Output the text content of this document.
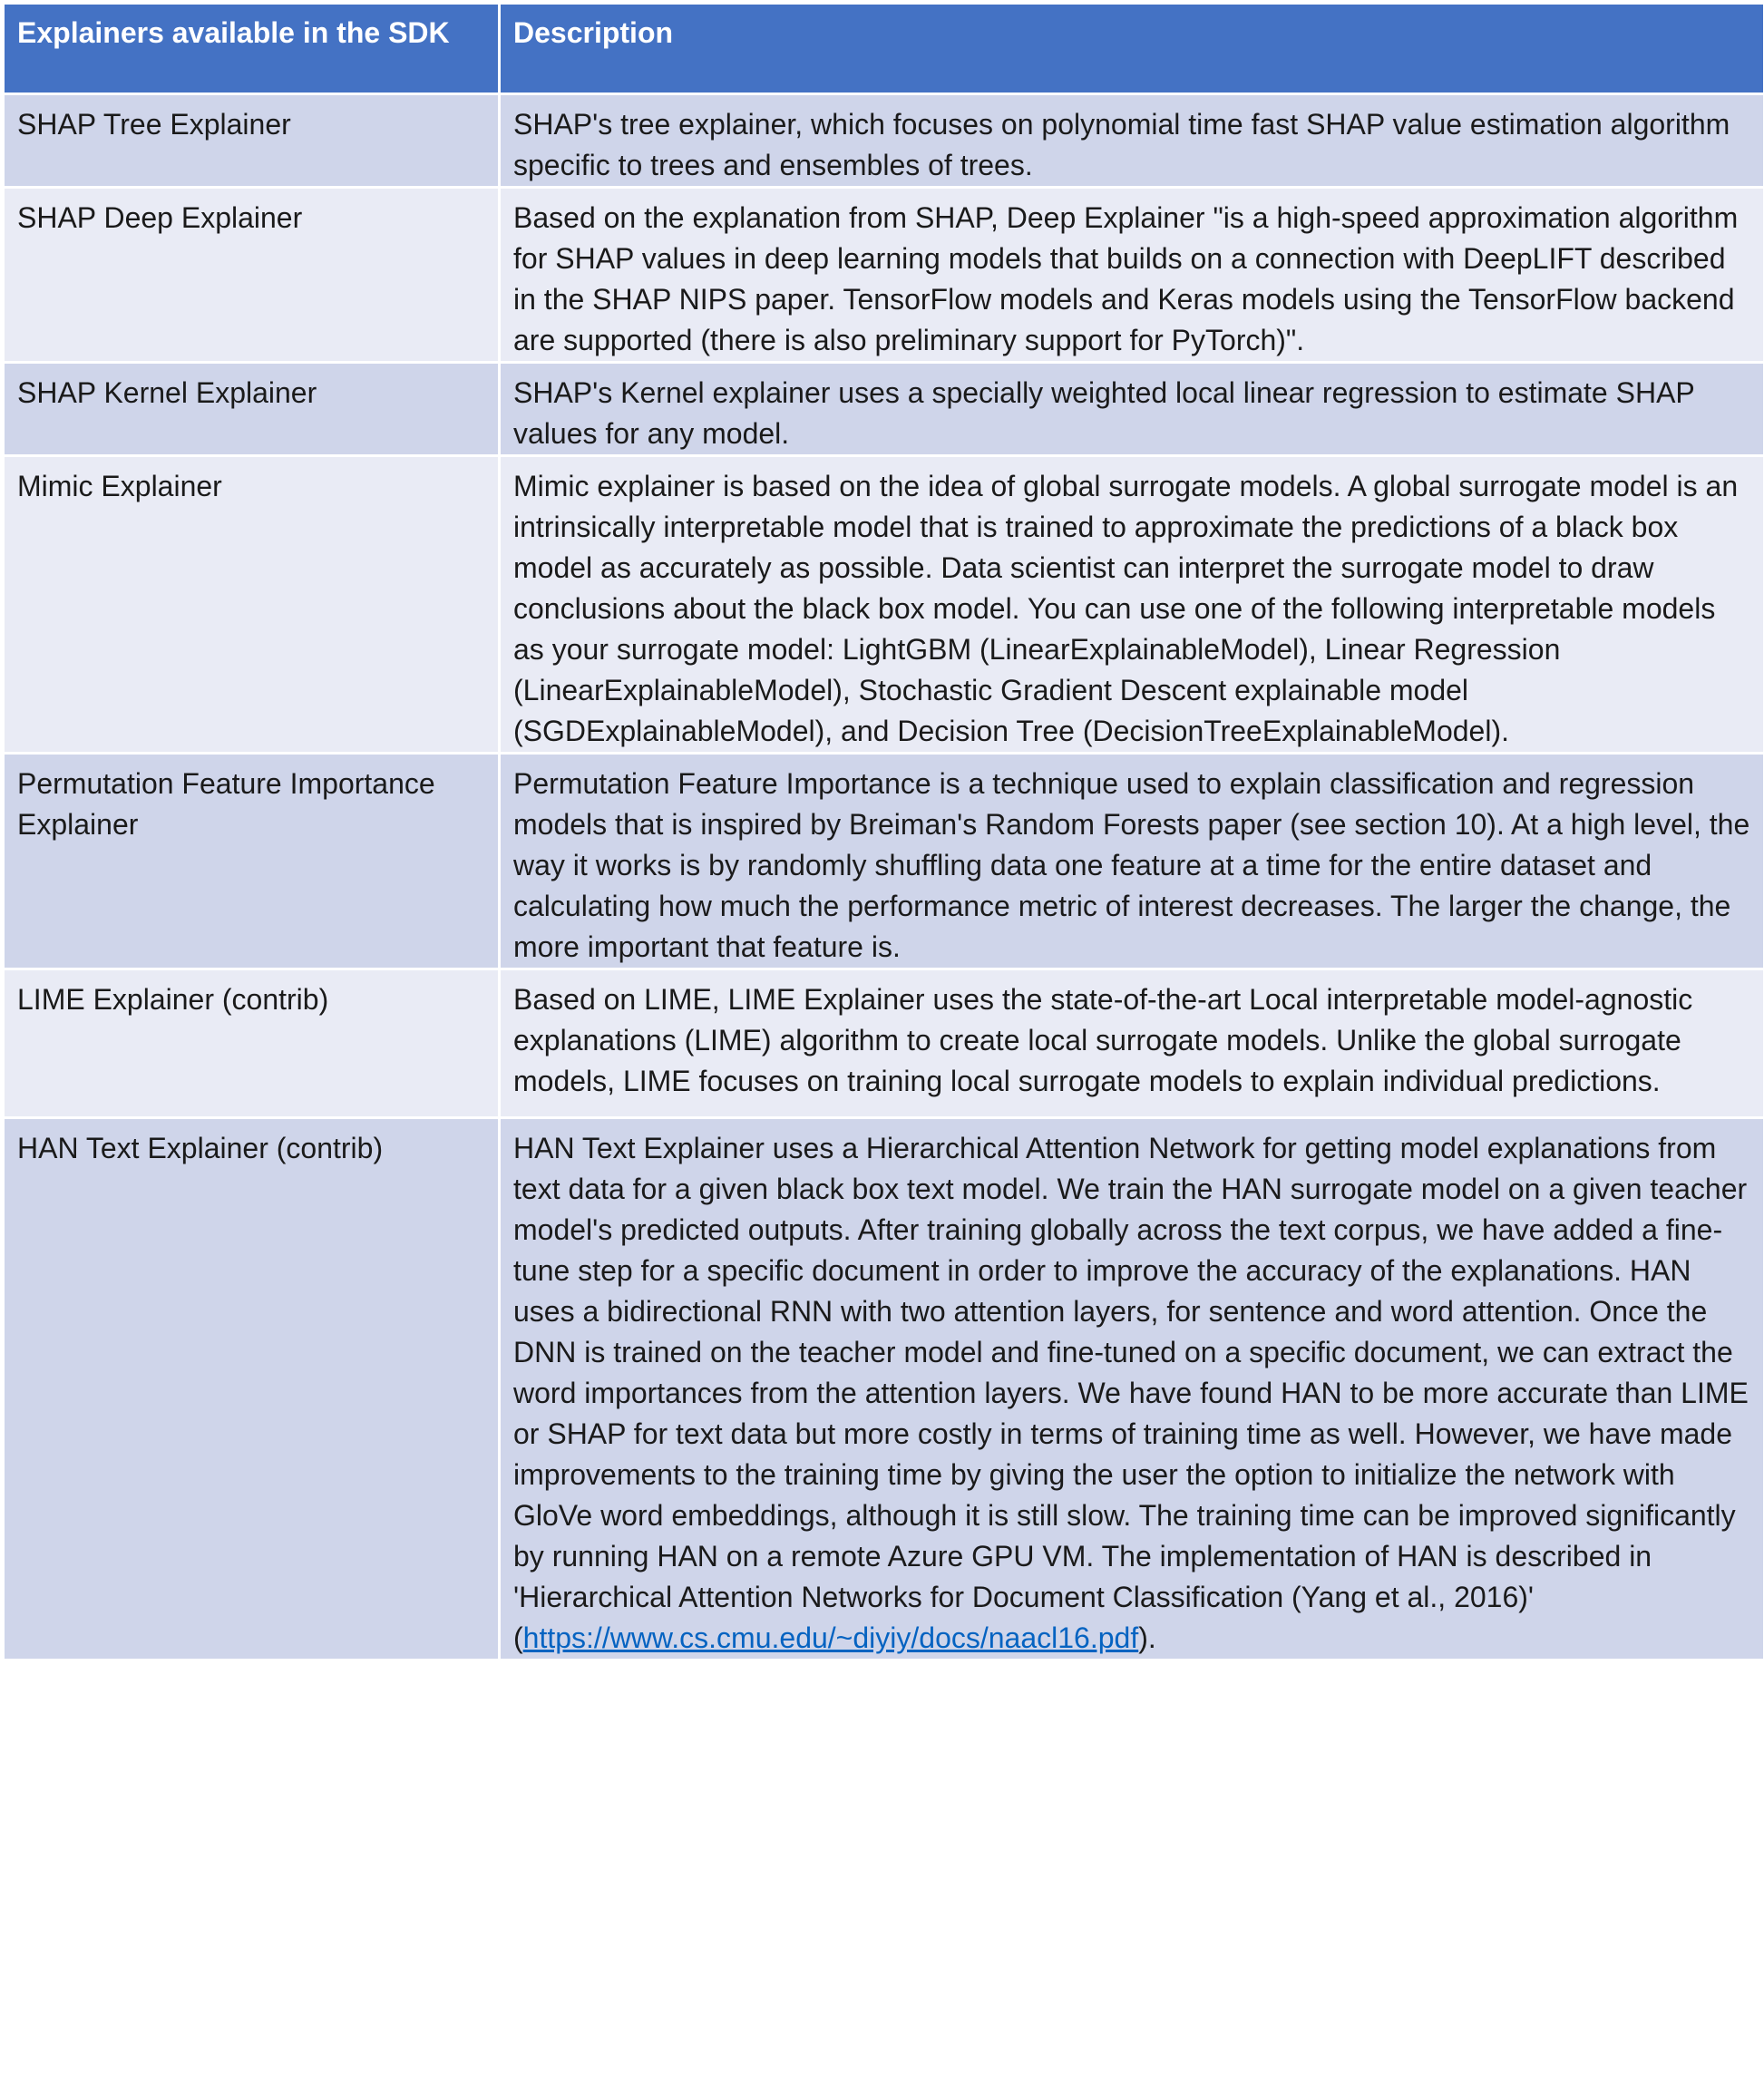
Explainers available in the SDK	Description
SHAP Tree Explainer	SHAP's tree explainer, which focuses on polynomial time fast SHAP value estimation algorithm specific to trees and ensembles of trees.
SHAP Deep Explainer	Based on the explanation from SHAP, Deep Explainer "is a high-speed approximation algorithm for SHAP values in deep learning models that builds on a connection with DeepLIFT described in the SHAP NIPS paper. TensorFlow models and Keras models using the TensorFlow backend are supported (there is also preliminary support for PyTorch)".
SHAP Kernel Explainer	SHAP's Kernel explainer uses a specially weighted local linear regression to estimate SHAP values for any model.
Mimic Explainer	Mimic explainer is based on the idea of global surrogate models. A global surrogate model is an intrinsically interpretable model that is trained to approximate the predictions of a black box model as accurately as possible. Data scientist can interpret the surrogate model to draw conclusions about the black box model. You can use one of the following interpretable models as your surrogate model: LightGBM (LinearExplainableModel), Linear Regression (LinearExplainableModel), Stochastic Gradient Descent explainable model (SGDExplainableModel), and Decision Tree (DecisionTreeExplainableModel).
Permutation Feature Importance Explainer	Permutation Feature Importance is a technique used to explain classification and regression models that is inspired by Breiman's Random Forests paper (see section 10). At a high level, the way it works is by randomly shuffling data one feature at a time for the entire dataset and calculating how much the performance metric of interest decreases. The larger the change, the more important that feature is.
LIME Explainer (contrib)	Based on LIME, LIME Explainer uses the state-of-the-art Local interpretable model-agnostic explanations (LIME) algorithm to create local surrogate models. Unlike the global surrogate models, LIME focuses on training local surrogate models to explain individual predictions.
HAN Text Explainer (contrib)	HAN Text Explainer uses a Hierarchical Attention Network for getting model explanations from text data for a given black box text model. We train the HAN surrogate model on a given teacher model's predicted outputs. After training globally across the text corpus, we have added a fine-tune step for a specific document in order to improve the accuracy of the explanations. HAN uses a bidirectional RNN with two attention layers, for sentence and word attention. Once the DNN is trained on the teacher model and fine-tuned on a specific document, we can extract the word importances from the attention layers. We have found HAN to be more accurate than LIME or SHAP for text data but more costly in terms of training time as well. However, we have made improvements to the training time by giving the user the option to initialize the network with GloVe word embeddings, although it is still slow. The training time can be improved significantly by running HAN on a remote Azure GPU VM. The implementation of HAN is described in 'Hierarchical Attention Networks for Document Classification (Yang et al., 2016)' (https://www.cs.cmu.edu/~diyiy/docs/naacl16.pdf).
